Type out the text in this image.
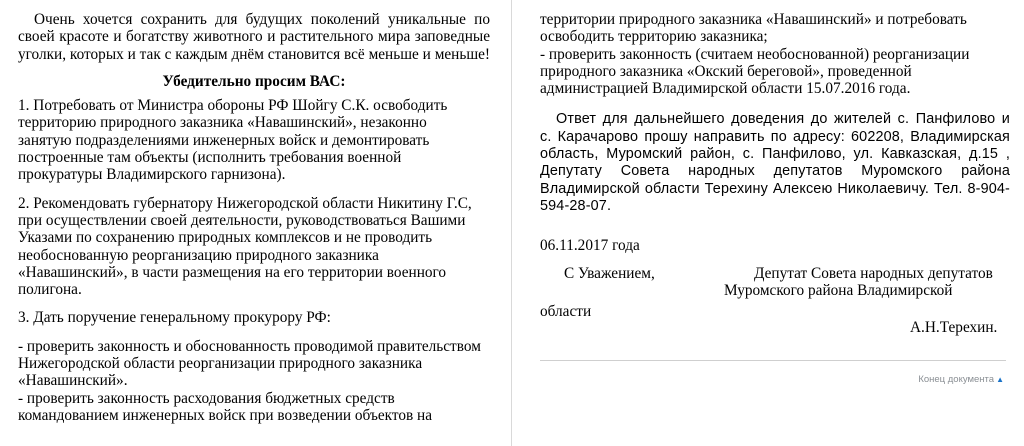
Очень хочется сохранить для будущих поколений уникальные по
своей красоте и богатству животного и растительного мира заповедные
уголки, которых и так с каждым днём становится всё меньше и меньше!
Убедительно просим ВАС:
1. Потребовать от Министра обороны РФ Шойгу С.К. освободить
территорию природного заказника «Навашинский», незаконно
занятую подразделениями инженерных войск и демонтировать
построенные там объекты (исполнить требования военной
прокуратуры Владимирского гарнизона).
2. Рекомендовать губернатору Нижегородской области Никитину Г.С,
при осуществлении своей деятельности, руководствоваться Вашими
Указами по сохранению природных комплексов и не проводить
необоснованную реорганизацию природного заказника
«Навашинский», в части размещения на его территории военного
полигона.
3. Дать поручение генеральному прокурору РФ:
- проверить законность и обоснованность проводимой правительством
Нижегородской области реорганизации природного заказника
«Навашинский».
- проверить законность расходования бюджетных средств
командованием инженерных войск при возведении объектов на
территории природного заказника «Навашинский» и потребовать
освободить территорию заказника;
- проверить законность (считаем необоснованной) реорганизации
природного заказника «Окский береговой», проведенной
администрацией Владимирской области 15.07.2016 года.
Ответ для дальнейшего доведения до жителей с. Панфилово и
с. Карачарово прошу направить по адресу: 602208, Владимирская
область, Муромский район, с. Панфилово, ул. Кавказская, д.15 ,
Депутату Совета народных депутатов Муромского района
Владимирской области Терехину Алексею Николаевичу. Тел. 8-904-
594-28-07.
06.11.2017 года
С Уважением,	Депутат Совета народных депутатов
Муромского района Владимирской
области
А.Н.Терехин.
Конец документа ▲
